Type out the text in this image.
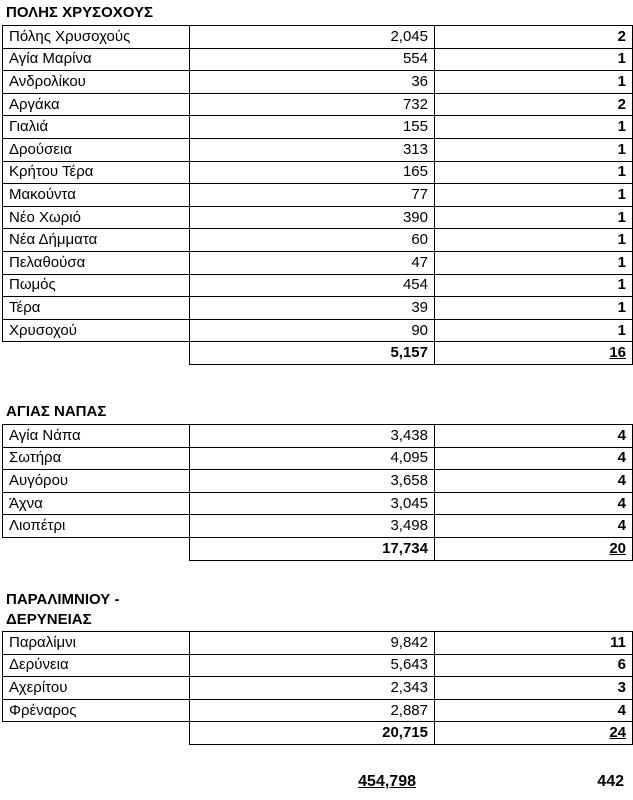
ΠΟΛΗΣ ΧΡΥΣΟΧΟΥΣ
Πόλης Χρυσοχούς	2,045	2
Αγία Μαρίνα	554	1
Ανδρολίκου	36	1
Αργάκα	732	2
Γιαλιά	155	1
Δρούσεια	313	1
Κρήτου Τέρα	165	1
Μακούντα	77	1
Νέο Χωριό	390	1
Νέα Δήμματα	60	1
Πελαθούσα	47	1
Πωμός	454	1
Τέρα	39	1
Χρυσοχού	90	1
	5,157	16
ΑΓΙΑΣ ΝΑΠΑΣ
Αγία Νάπα	3,438	4
Σωτήρα	4,095	4
Αυγόρου	3,658	4
Άχνα	3,045	4
Λιοπέτρι	3,498	4
	17,734	20
ΠΑΡΑΛΙΜΝΙΟΥ -
ΔΕΡΥΝΕΙΑΣ
Παραλίμνι	9,842	11
Δερύνεια	5,643	6
Αχερίτου	2,343	3
Φρέναρος	2,887	4
	20,715	24
454,798	442
